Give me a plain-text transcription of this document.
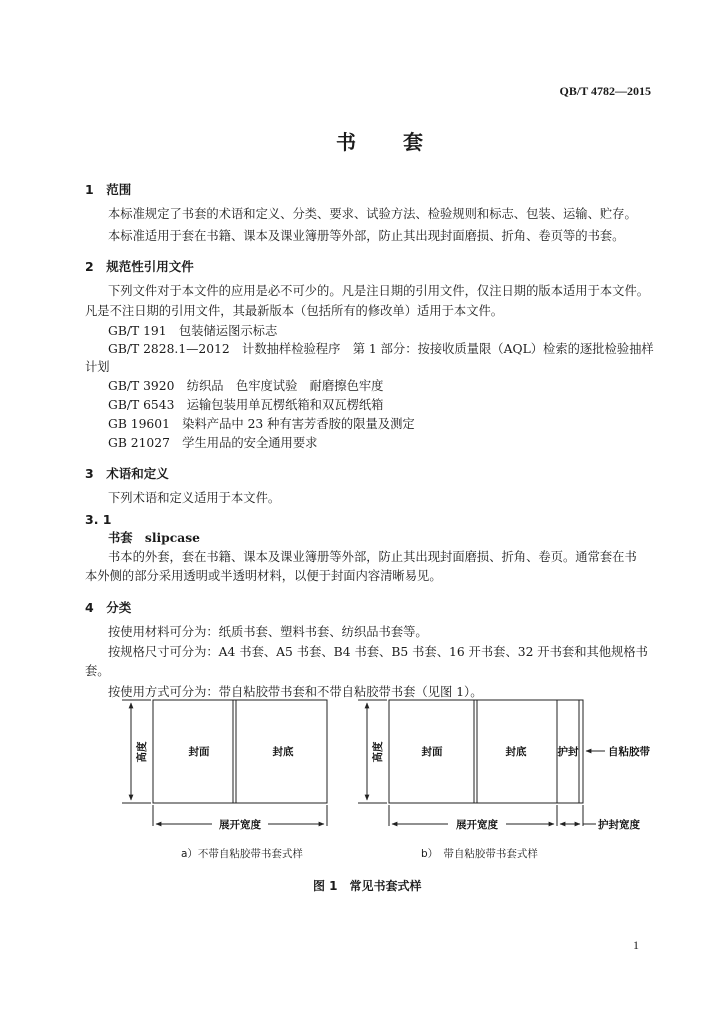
QB/T 4782—2015
书 套
1　范围
本标准规定了书套的术语和定义、分类、要求、试验方法、检验规则和标志、包装、运输、贮存。
本标准适用于套在书籍、课本及课业簿册等外部，防止其出现封面磨损、折角、卷页等的书套。
2　规范性引用文件
下列文件对于本文件的应用是必不可少的。凡是注日期的引用文件，仅注日期的版本适用于本文件。
凡是不注日期的引用文件，其最新版本（包括所有的修改单）适用于本文件。
GB/T 191　包装储运图示标志
GB/T 2828.1—2012　计数抽样检验程序　第 1 部分：按接收质量限（AQL）检索的逐批检验抽样
计划
GB/T 3920　纺织品　色牢度试验　耐磨擦色牢度
GB/T 6543　运输包装用单瓦楞纸箱和双瓦楞纸箱
GB 19601　染料产品中 23 种有害芳香胺的限量及测定
GB 21027　学生用品的安全通用要求
3　术语和定义
下列术语和定义适用于本文件。
3. 1
书套　slipcase
书本的外套，套在书籍、课本及课业簿册等外部，防止其出现封面磨损、折角、卷页。通常套在书
本外侧的部分采用透明或半透明材料，以便于封面内容清晰易见。
4　分类
按使用材料可分为：纸质书套、塑料书套、纺织品书套等。
按规格尺寸可分为：A4 书套、A5 书套、B4 书套、B5 书套、16 开书套、32 开书套和其他规格书
套。
按使用方式可分为：带自粘胶带书套和不带自粘胶带书套（见图 1）。
高度	封面	封底
展开宽度
高度	封面	封底	护封	自粘胶带
展开宽度	护封宽度
a）不带自粘胶带书套式样	b）　带自粘胶带书套式样
图 1　常见书套式样
1
